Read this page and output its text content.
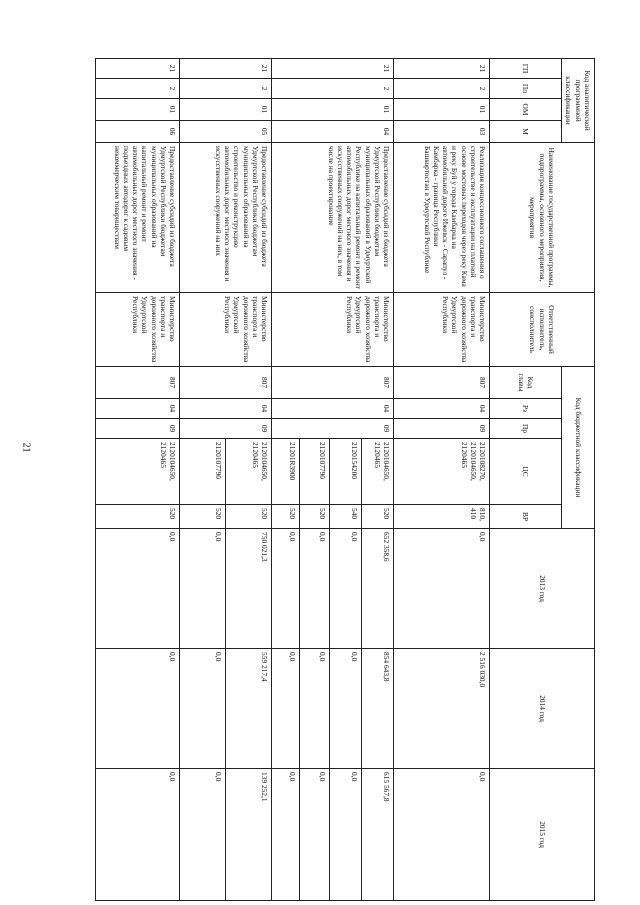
21
Код аналитической программной классификации				Наименование государственной программы, подпрограммы, основного мероприятия, мероприятия	Ответственный исполнитель, соисполнитель	Код бюджетной классификации					2013 год	2014 год	2015 год
ГП	Пп	ОМ	М			Код главы	Рз	Пр	ЦС	ВР			
21	2	01	03	Реализация концессионного соглашения о строительстве и эксплуатации на платной основе мостовых переходов через реку Кама и реку Буй у города Камбарка на автомобильной дороге Ижевск - Сарапул - Камбарка - граница Республики Башкортостан в Удмуртской Республике	Министерство транспорта и дорожного хозяйства Удмуртской Республики	807	04	09	2120108270, 2120104650, 2120465	810, 410	0,0	2 516 030,0	0,0
21	2	01	04	Предоставление субсидий из бюджета Удмуртской Республики бюджетам муниципальных образований в Удмуртской Республике на капитальный ремонт и ремонт автомобильных дорог местного значения и искусственных сооружений на них, в том числе на проектирование	Министерство транспорта и дорожного хозяйства Удмуртской Республики	807	04	09	2120104650, 2120465	520	652 358,6	854 643,8	615 567,8
									2120154200	540	0,0	0,0	0,0
									2120107790	520	0,0	0,0	0,0
									21201R3900	520	0,0	0,0	0,0
21	2	01	05	Предоставление субсидий из бюджета Удмуртской Республики бюджетам муниципальных образований на строительство и реконструкцию автомобильных дорог местного значения и искусственных сооружений на них	Министерство транспорта и дорожного хозяйства Удмуртской Республики	807	04	09	2120104650, 2120465	520	750 021,3	559 217,4	139 252,1
									2120107790	520	0,0	0,0	0,0
21	2	01	06	Предоставление субсидий из бюджета Удмуртской Республики бюджетам муниципальных образований на капитальный ремонт и ремонт автомобильных дорог местного значения - подъездных автодорог к садовым некоммерческим товариществам	Министерство транспорта и дорожного хозяйства Удмуртской Республики	807	04	09	2120104650, 2120465	520	0,0	0,0	0,0
